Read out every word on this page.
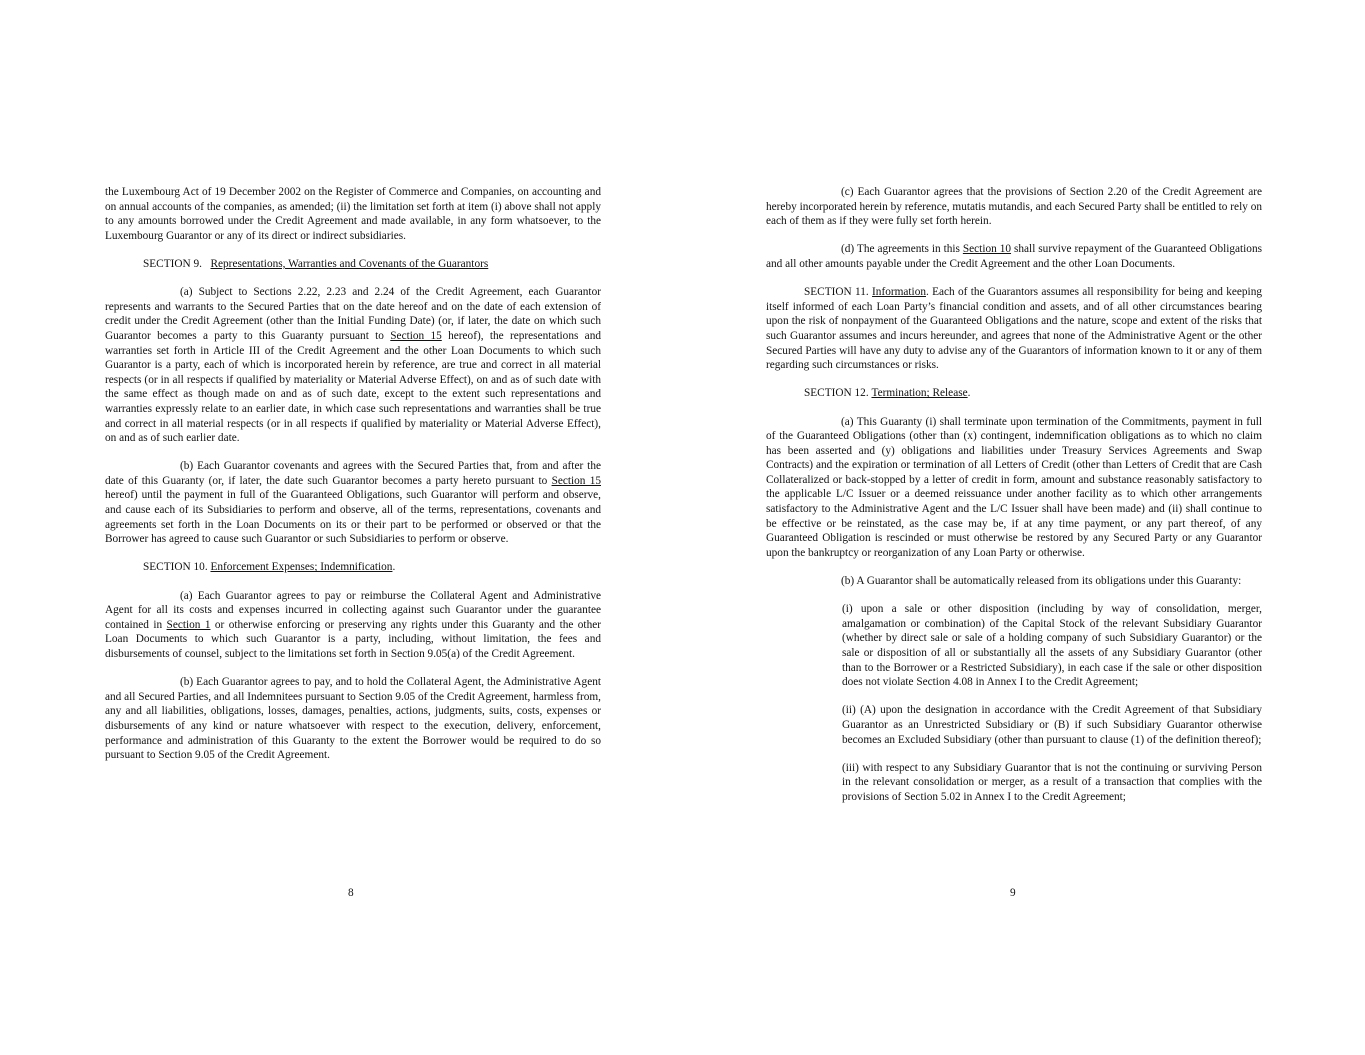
the Luxembourg Act of 19 December 2002 on the Register of Commerce and Companies, on accounting and on annual accounts of the companies, as amended; (ii) the limitation set forth at item (i) above shall not apply to any amounts borrowed under the Credit Agreement and made available, in any form whatsoever, to the Luxembourg Guarantor or any of its direct or indirect subsidiaries.

SECTION 9. Representations, Warranties and Covenants of the Guarantors

(a) Subject to Sections 2.22, 2.23 and 2.24 of the Credit Agreement, each Guarantor represents and warrants to the Secured Parties that on the date hereof and on the date of each extension of credit under the Credit Agreement (other than the Initial Funding Date) (or, if later, the date on which such Guarantor becomes a party to this Guaranty pursuant to Section 15 hereof), the representations and warranties set forth in Article III of the Credit Agreement and the other Loan Documents to which such Guarantor is a party, each of which is incorporated herein by reference, are true and correct in all material respects (or in all respects if qualified by materiality or Material Adverse Effect), on and as of such date with the same effect as though made on and as of such date, except to the extent such representations and warranties expressly relate to an earlier date, in which case such representations and warranties shall be true and correct in all material respects (or in all respects if qualified by materiality or Material Adverse Effect), on and as of such earlier date.

(b) Each Guarantor covenants and agrees with the Secured Parties that, from and after the date of this Guaranty (or, if later, the date such Guarantor becomes a party hereto pursuant to Section 15 hereof) until the payment in full of the Guaranteed Obligations, such Guarantor will perform and observe, and cause each of its Subsidiaries to perform and observe, all of the terms, representations, covenants and agreements set forth in the Loan Documents on its or their part to be performed or observed or that the Borrower has agreed to cause such Guarantor or such Subsidiaries to perform or observe.

SECTION 10. Enforcement Expenses; Indemnification.

(a) Each Guarantor agrees to pay or reimburse the Collateral Agent and Administrative Agent for all its costs and expenses incurred in collecting against such Guarantor under the guarantee contained in Section 1 or otherwise enforcing or preserving any rights under this Guaranty and the other Loan Documents to which such Guarantor is a party, including, without limitation, the fees and disbursements of counsel, subject to the limitations set forth in Section 9.05(a) of the Credit Agreement.

(b) Each Guarantor agrees to pay, and to hold the Collateral Agent, the Administrative Agent and all Secured Parties, and all Indemnitees pursuant to Section 9.05 of the Credit Agreement, harmless from, any and all liabilities, obligations, losses, damages, penalties, actions, judgments, suits, costs, expenses or disbursements of any kind or nature whatsoever with respect to the execution, delivery, enforcement, performance and administration of this Guaranty to the extent the Borrower would be required to do so pursuant to Section 9.05 of the Credit Agreement.

8

(c) Each Guarantor agrees that the provisions of Section 2.20 of the Credit Agreement are hereby incorporated herein by reference, mutatis mutandis, and each Secured Party shall be entitled to rely on each of them as if they were fully set forth herein.

(d) The agreements in this Section 10 shall survive repayment of the Guaranteed Obligations and all other amounts payable under the Credit Agreement and the other Loan Documents.

SECTION 11. Information. Each of the Guarantors assumes all responsibility for being and keeping itself informed of each Loan Party’s financial condition and assets, and of all other circumstances bearing upon the risk of nonpayment of the Guaranteed Obligations and the nature, scope and extent of the risks that such Guarantor assumes and incurs hereunder, and agrees that none of the Administrative Agent or the other Secured Parties will have any duty to advise any of the Guarantors of information known to it or any of them regarding such circumstances or risks.

SECTION 12. Termination; Release.

(a) This Guaranty (i) shall terminate upon termination of the Commitments, payment in full of the Guaranteed Obligations (other than (x) contingent, indemnification obligations as to which no claim has been asserted and (y) obligations and liabilities under Treasury Services Agreements and Swap Contracts) and the expiration or termination of all Letters of Credit (other than Letters of Credit that are Cash Collateralized or back-stopped by a letter of credit in form, amount and substance reasonably satisfactory to the applicable L/C Issuer or a deemed reissuance under another facility as to which other arrangements satisfactory to the Administrative Agent and the L/C Issuer shall have been made) and (ii) shall continue to be effective or be reinstated, as the case may be, if at any time payment, or any part thereof, of any Guaranteed Obligation is rescinded or must otherwise be restored by any Secured Party or any Guarantor upon the bankruptcy or reorganization of any Loan Party or otherwise.

(b) A Guarantor shall be automatically released from its obligations under this Guaranty:

(i) upon a sale or other disposition (including by way of consolidation, merger, amalgamation or combination) of the Capital Stock of the relevant Subsidiary Guarantor (whether by direct sale or sale of a holding company of such Subsidiary Guarantor) or the sale or disposition of all or substantially all the assets of any Subsidiary Guarantor (other than to the Borrower or a Restricted Subsidiary), in each case if the sale or other disposition does not violate Section 4.08 in Annex I to the Credit Agreement;

(ii) (A) upon the designation in accordance with the Credit Agreement of that Subsidiary Guarantor as an Unrestricted Subsidiary or (B) if such Subsidiary Guarantor otherwise becomes an Excluded Subsidiary (other than pursuant to clause (1) of the definition thereof);

(iii) with respect to any Subsidiary Guarantor that is not the continuing or surviving Person in the relevant consolidation or merger, as a result of a transaction that complies with the provisions of Section 5.02 in Annex I to the Credit Agreement;

9
